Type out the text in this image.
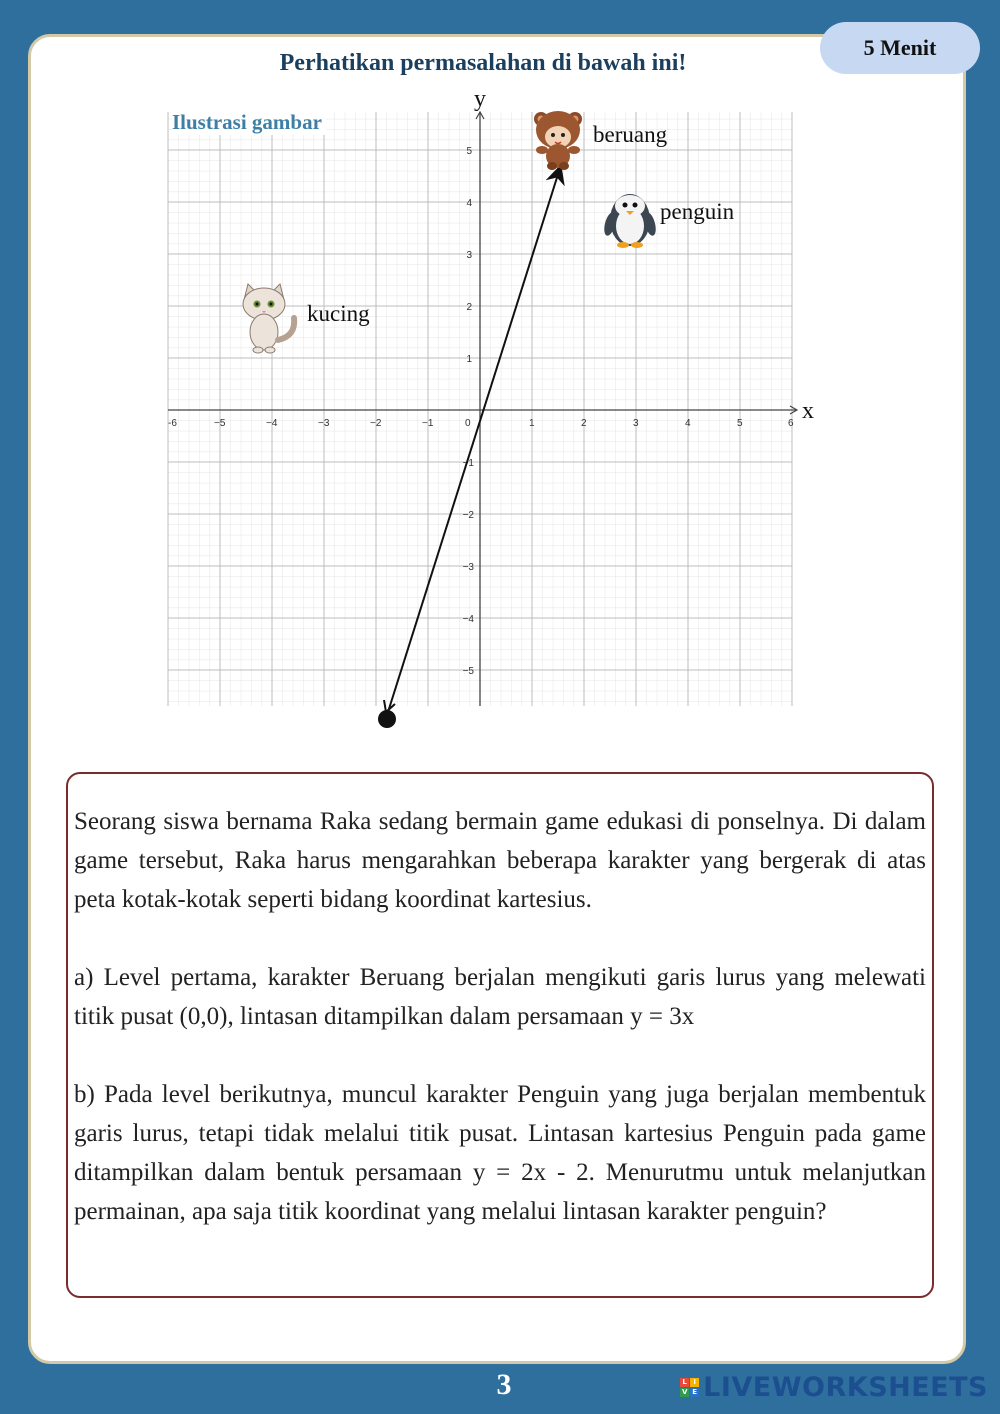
5 Menit
Perhatikan permasalahan di bawah ini!
Ilustrasi gambar
-6	−5	−4	−3	−2	−1	0	1	2	3	4	5	6
5
4
3
2
1
−1
−2
−3
−4
−5
y
x
beruang
penguin
kucing

Seorang siswa bernama Raka sedang bermain game edukasi di ponselnya. Di dalam game tersebut, Raka harus mengarahkan beberapa karakter yang bergerak di atas peta kotak-kotak seperti bidang koordinat kartesius.

a) Level pertama, karakter Beruang berjalan mengikuti garis lurus yang melewati titik pusat (0,0), lintasan ditampilkan dalam persamaan y = 3x

b) Pada level berikutnya, muncul karakter Penguin yang juga berjalan membentuk garis lurus, tetapi tidak melalui titik pusat. Lintasan kartesius Penguin pada game ditampilkan dalam bentuk persamaan y = 2x - 2. Menurutmu untuk melanjutkan permainan, apa saja titik koordinat yang melalui lintasan karakter penguin?

3	L I
V E LIVEWORKSHEETS
